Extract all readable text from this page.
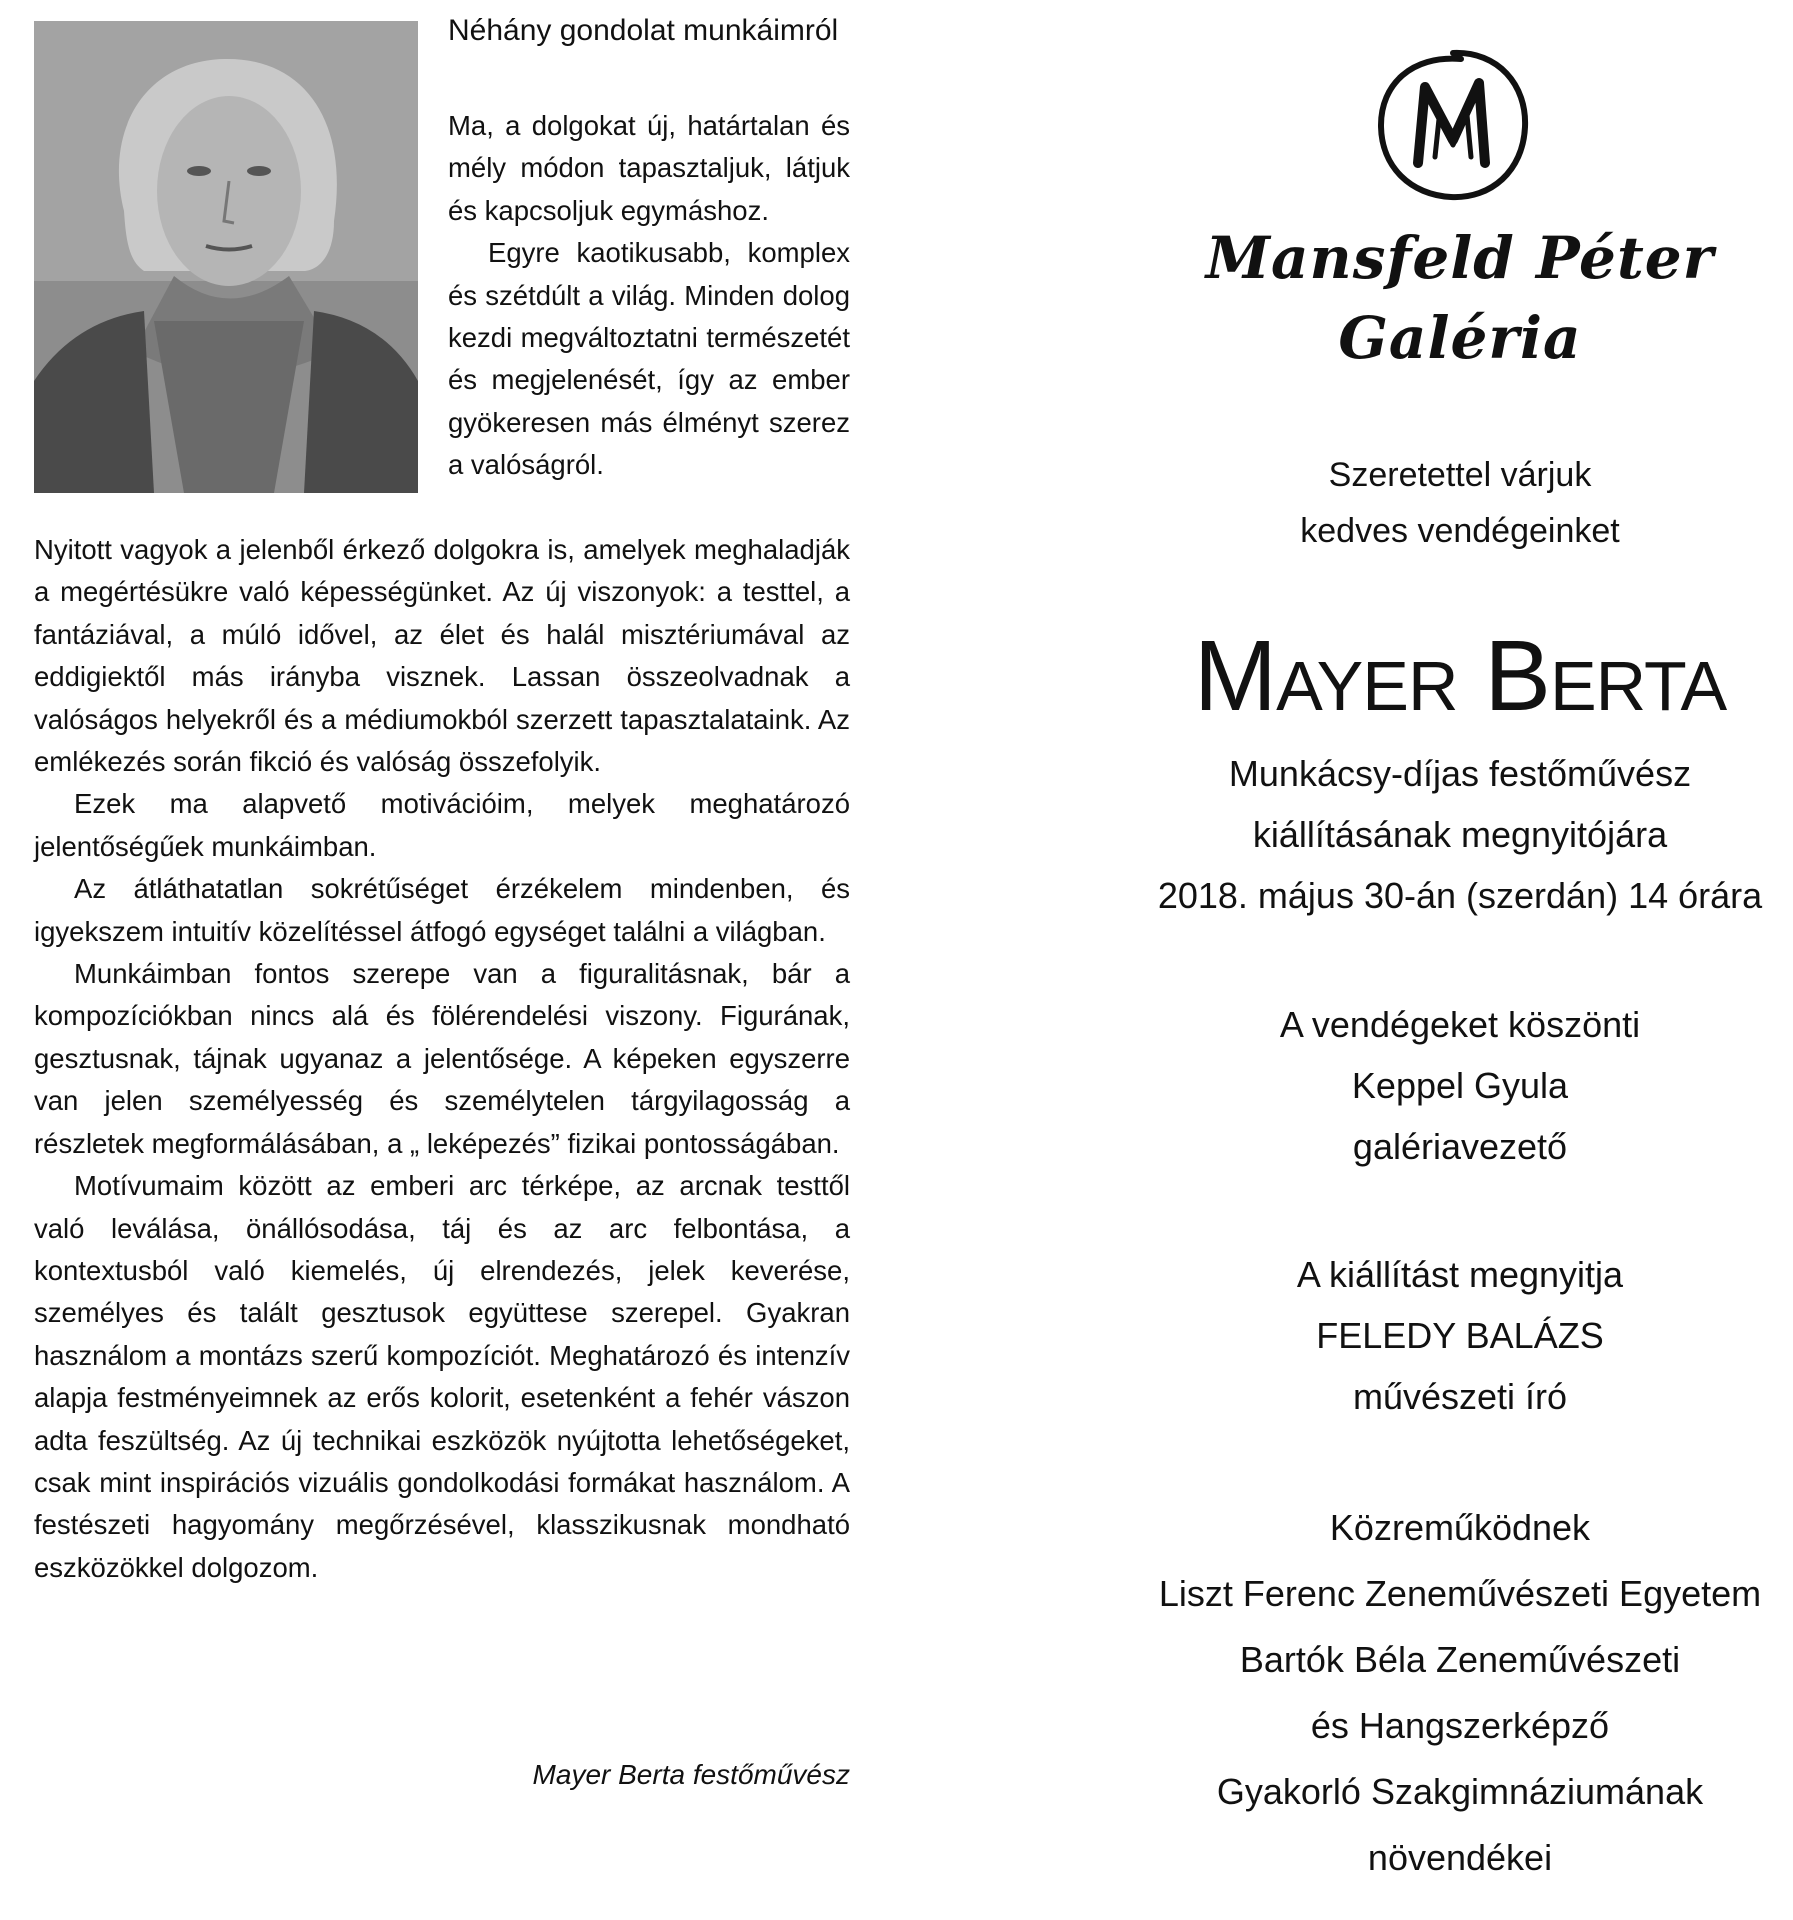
Néhány gondolat munkáimról

Ma, a dolgokat új, határtalan és mély módon tapasztaljuk, látjuk és kapcsoljuk egymáshoz.

Egyre kaotikusabb, komplex és szétdúlt a világ. Minden dolog kezdi megváltoztatni természetét és megjelenését, így az ember gyökeresen más élményt szerez a valóságról.

Nyitott vagyok a jelenből érkező dolgokra is, amelyek meghaladják a megértésükre való képességünket. Az új viszonyok: a testtel, a fantáziával, a múló idővel, az élet és halál misztériumával az eddigiektől más irányba visznek. Lassan összeolvadnak a valóságos helyekről és a médiumokból szerzett tapasztalataink. Az emlékezés során fikció és valóság összefolyik.

Ezek ma alapvető motivációim, melyek meghatározó jelentőségűek munkáimban.

Az átláthatatlan sokrétűséget érzékelem mindenben, és igyekszem intuitív közelítéssel átfogó egységet találni a világban.

Munkáimban fontos szerepe van a figuralitásnak, bár a kompozíciókban nincs alá és fölérendelési viszony. Figurának, gesztusnak, tájnak ugyanaz a jelentősége. A képeken egyszerre van jelen személyesség és személytelen tárgyilagosság a részletek megformálásában, a „ leképezés” fizikai pontosságában.

Motívumaim között az emberi arc térképe, az arcnak testtől való leválása, önállósodása, táj és az arc felbontása, a kontextusból való kiemelés, új elrendezés, jelek keverése, személyes és talált gesztusok együttese szerepel. Gyakran használom a montázs szerű kompozíciót. Meghatározó és intenzív alapja festményeimnek az erős kolorit, esetenként a fehér vászon adta feszültség. Az új technikai eszközök nyújtotta lehetőségeket, csak mint inspirációs vizuális gondolkodási formákat használom. A festészeti hagyomány megőrzésével, klasszikusnak mondható eszközökkel dolgozom.

Mayer Berta festőművész
Mansfeld Péter Galéria
Szeretettel várjuk
kedves vendégeinket
Mayer Berta
Munkácsy-díjas festőművész
kiállításának megnyitójára
2018. május 30-án (szerdán) 14 órára
A vendégeket köszönti
Keppel Gyula
galériavezető
A kiállítást megnyitja
FELEDY BALÁZS
művészeti író
Közreműködnek
Liszt Ferenc Zeneművészeti Egyetem
Bartók Béla Zeneművészeti
és Hangszerképző
Gyakorló Szakgimnáziumának növendékei
